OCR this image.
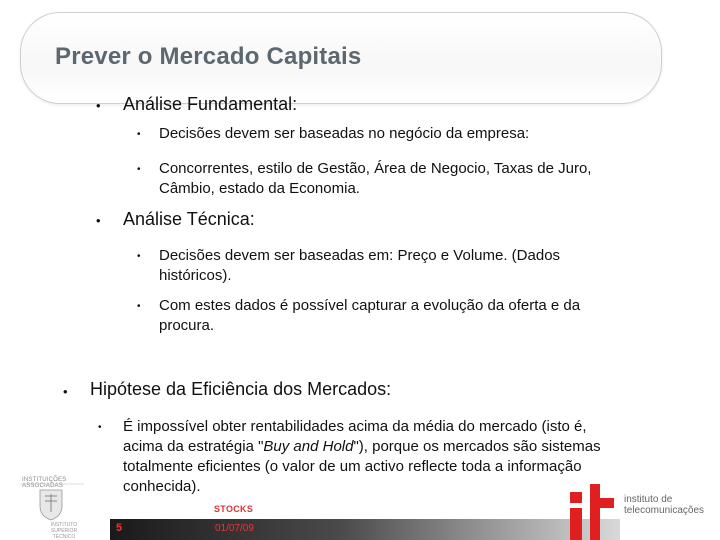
Prever o Mercado Capitais
• Análise Fundamental:
• Decisões devem ser baseadas no negócio da empresa:
• Concorrentes, estilo de Gestão, Área de Negocio, Taxas de Juro,
Câmbio, estado da Economia.
• Análise Técnica:
• Decisões devem ser baseadas em: Preço e Volume. (Dados
históricos).
• Com estes dados é possível capturar a evolução da oferta e da
procura.
• Hipótese da Eficiência dos Mercados:
• É impossível obter rentabilidades acima da média do mercado (isto é,
acima da estratégia "Buy and Hold"), porque os mercados são sistemas
totalmente eficientes (o valor de um activo reflecte toda a informação
conhecida).
STOCKS
5	01/07/09
INSTITUIÇÕES ASSOCIADAS
INSTITUTO SUPERIOR TÉCNICO
instituto de
telecomunicações
